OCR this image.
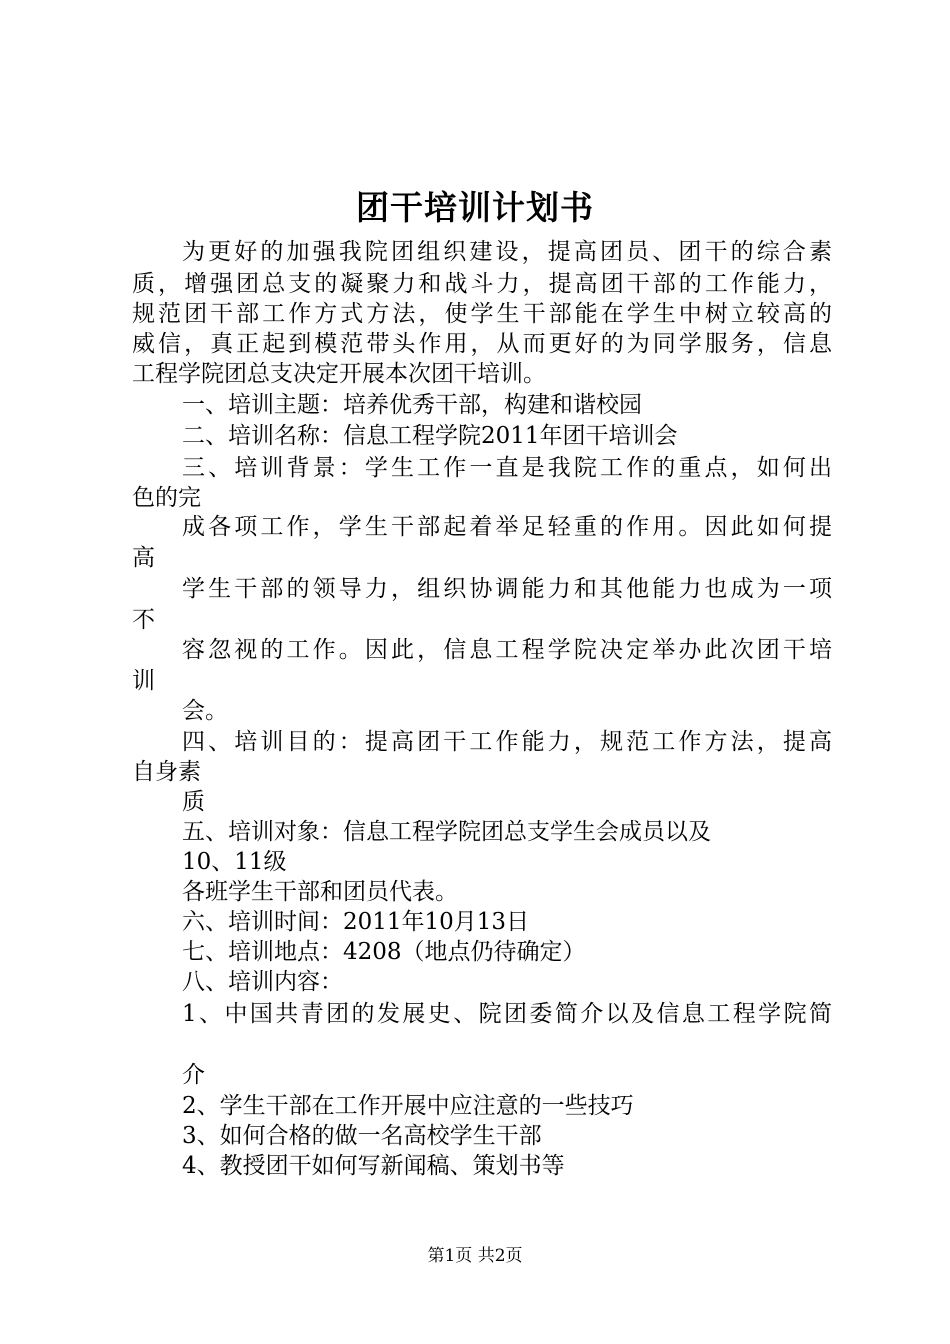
团干培训计划书

为更好的加强我院团组织建设，提高团员、团干的综合素

质，增强团总支的凝聚力和战斗力，提高团干部的工作能力，

规范团干部工作方式方法，使学生干部能在学生中树立较高的

威信，真正起到模范带头作用，从而更好的为同学服务，信息

工程学院团总支决定开展本次团干培训。

一、培训主题：培养优秀干部，构建和谐校园

二、培训名称：信息工程学院2011年团干培训会

三、培训背景：学生工作一直是我院工作的重点，如何出

色的完

成各项工作，学生干部起着举足轻重的作用。因此如何提

高

学生干部的领导力，组织协调能力和其他能力也成为一项

不

容忽视的工作。因此，信息工程学院决定举办此次团干培

训

会。

四、培训目的：提高团干工作能力，规范工作方法，提高

自身素

质

五、培训对象：信息工程学院团总支学生会成员以及

10、11级

各班学生干部和团员代表。

六、培训时间：2011年10月13日

七、培训地点：4208（地点仍待确定）

八、培训内容：

1、中国共青团的发展史、院团委简介以及信息工程学院简

介

2、学生干部在工作开展中应注意的一些技巧

3、如何合格的做一名高校学生干部

4、教授团干如何写新闻稿、策划书等

第1页 共2页
